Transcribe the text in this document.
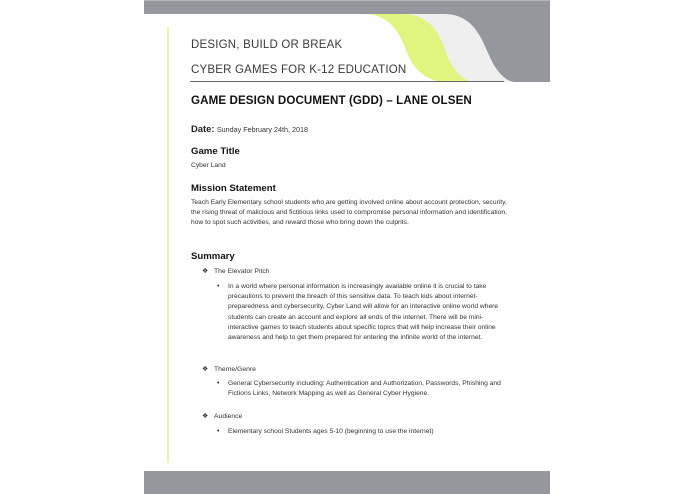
DESIGN, BUILD OR BREAK
CYBER GAMES FOR K-12 EDUCATION
GAME DESIGN DOCUMENT (GDD) – LANE OLSEN
Date: Sunday February 24th, 2018
Game Title
Cyber Land
Mission Statement
Teach Early Elementary school students who are getting involved online about account protection, security, the rising threat of malicious and fictitious links used to compromise personal information and identification, how to spot such activities, and reward those who bring down the culprits.
Summary
❖ The Elevator Pitch
• In a world where personal information is increasingly available online it is crucial to take precautions to prevent the breach of this sensitive data. To teach kids about internet-preparedness and cybersecurity, Cyber Land will allow for an interactive online world where students can create an account and explore all ends of the internet. There will be mini-interactive games to teach students about specific topics that will help increase their online awareness and help to get them prepared for entering the infinite world of the internet.
❖ Theme/Genre
• General Cybersecurity including: Authentication and Authorization, Passwords, Phishing and Fictions Links, Network Mapping as well as General Cyber Hygiene.
❖ Audience
• Elementary school Students ages 5-10 (beginning to use the internet)
